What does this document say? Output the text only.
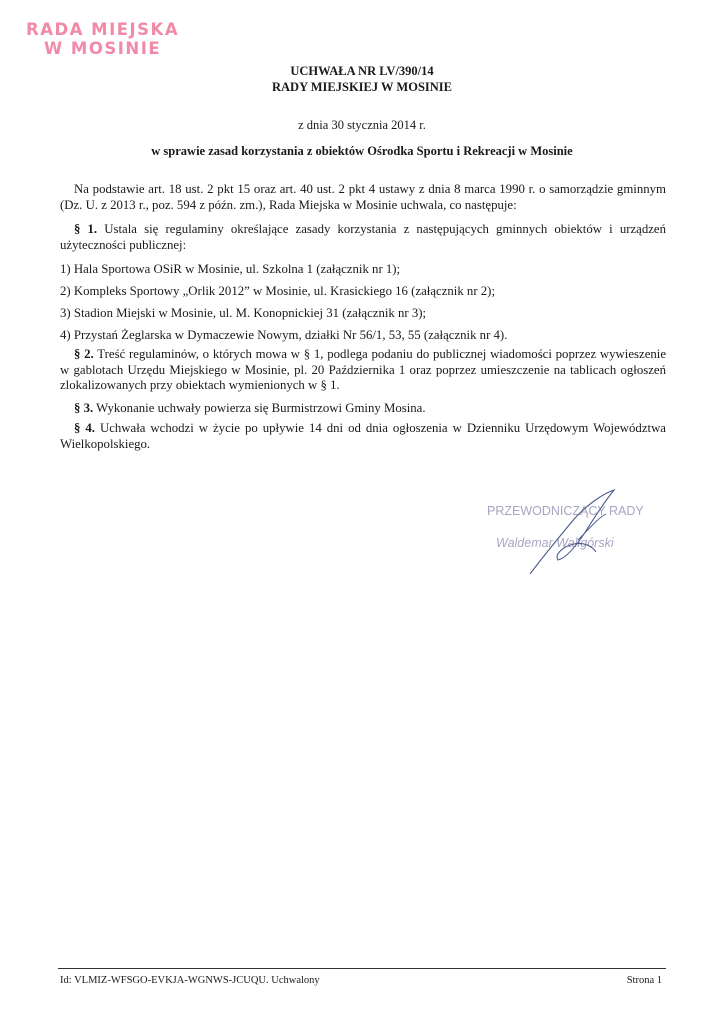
RADA MIEJSKA
W MOSINIE
UCHWAŁA NR LV/390/14
RADY MIEJSKIEJ W MOSINIE
z dnia 30 stycznia 2014 r.
w sprawie zasad korzystania z obiektów Ośrodka Sportu i Rekreacji w Mosinie

Na podstawie art. 18 ust. 2 pkt 15 oraz art. 40 ust. 2 pkt 4 ustawy z dnia 8 marca 1990 r. o samorządzie gminnym (Dz. U. z 2013 r., poz. 594 z późn. zm.), Rada Miejska w Mosinie uchwala, co następuje:

§ 1. Ustala się regulaminy określające zasady korzystania z następujących gminnych obiektów i urządzeń użyteczności publicznej:

1) Hala Sportowa OSiR w Mosinie, ul. Szkolna 1 (załącznik nr 1);
2) Kompleks Sportowy „Orlik 2012” w Mosinie, ul. Krasickiego 16 (załącznik nr 2);
3) Stadion Miejski w Mosinie, ul. M. Konopnickiej 31 (załącznik nr 3);
4) Przystań Żeglarska w Dymaczewie Nowym, działki Nr 56/1, 53, 55 (załącznik nr 4).

§ 2. Treść regulaminów, o których mowa w § 1, podlega podaniu do publicznej wiadomości poprzez wywieszenie w gablotach Urzędu Miejskiego w Mosinie, pl. 20 Października 1 oraz poprzez umieszczenie na tablicach ogłoszeń zlokalizowanych przy obiektach wymienionych w § 1.

§ 3. Wykonanie uchwały powierza się Burmistrzowi Gminy Mosina.

§ 4. Uchwała wchodzi w życie po upływie 14 dni od dnia ogłoszenia w Dzienniku Urzędowym Województwa Wielkopolskiego.

PRZEWODNICZĄCY RADY
Waldemar Waligórski
Id: VLMIZ-WFSGO-EVKJA-WGNWS-JCUQU. Uchwalony	Strona 1
